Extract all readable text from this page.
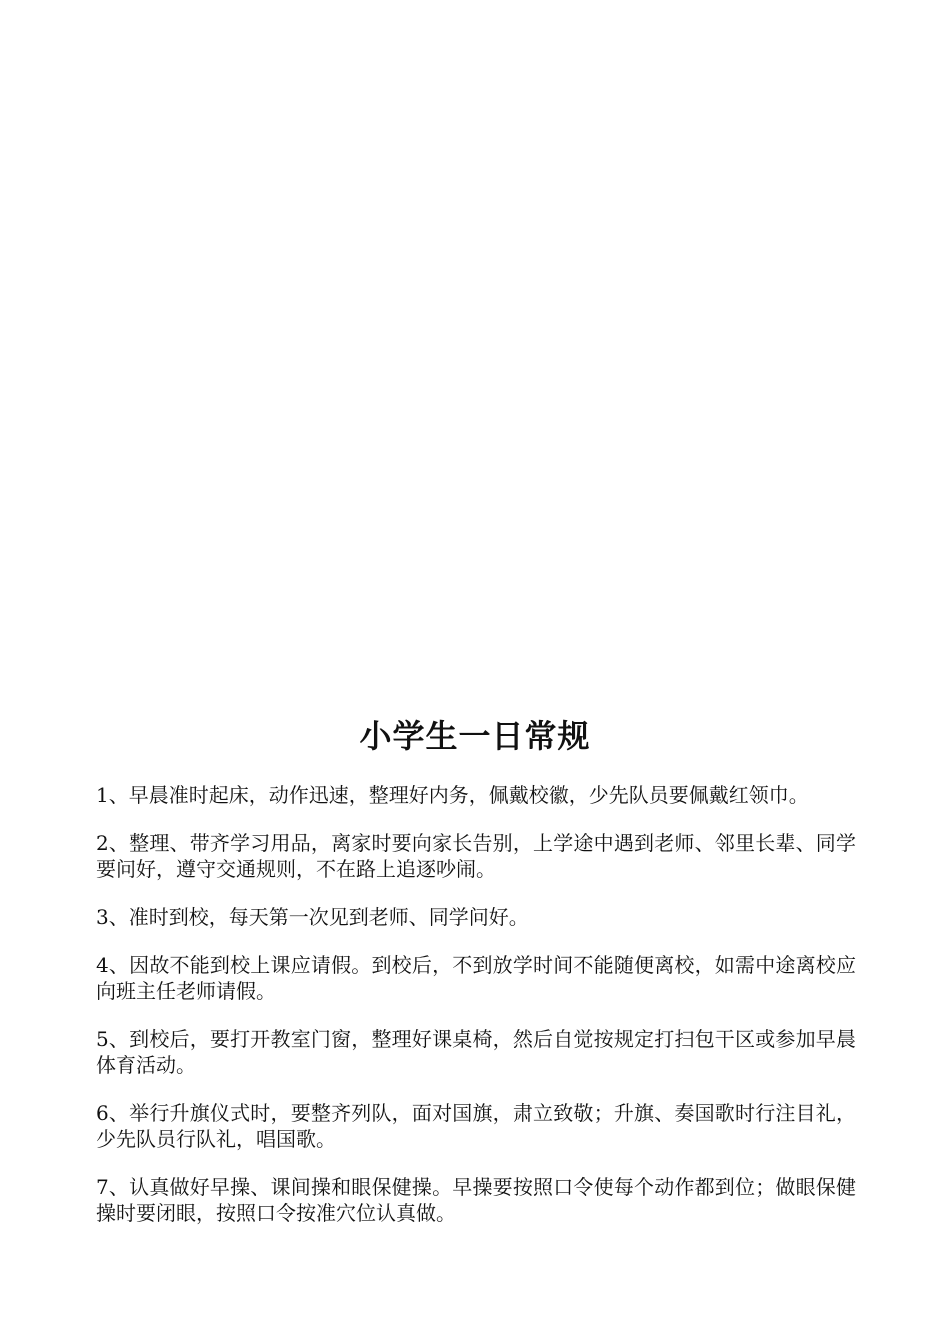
小学生一日常规
1、早晨准时起床，动作迅速，整理好内务，佩戴校徽，少先队员要佩戴红领巾。
2、整理、带齐学习用品，离家时要向家长告别，上学途中遇到老师、邻里长辈、同学要问好，遵守交通规则，不在路上追逐吵闹。
3、准时到校，每天第一次见到老师、同学问好。
4、因故不能到校上课应请假。到校后，不到放学时间不能随便离校，如需中途离校应向班主任老师请假。
5、到校后，要打开教室门窗，整理好课桌椅，然后自觉按规定打扫包干区或参加早晨体育活动。
6、举行升旗仪式时，要整齐列队，面对国旗，肃立致敬；升旗、奏国歌时行注目礼，少先队员行队礼，唱国歌。
7、认真做好早操、课间操和眼保健操。早操要按照口令使每个动作都到位；做眼保健操时要闭眼，按照口令按准穴位认真做。
